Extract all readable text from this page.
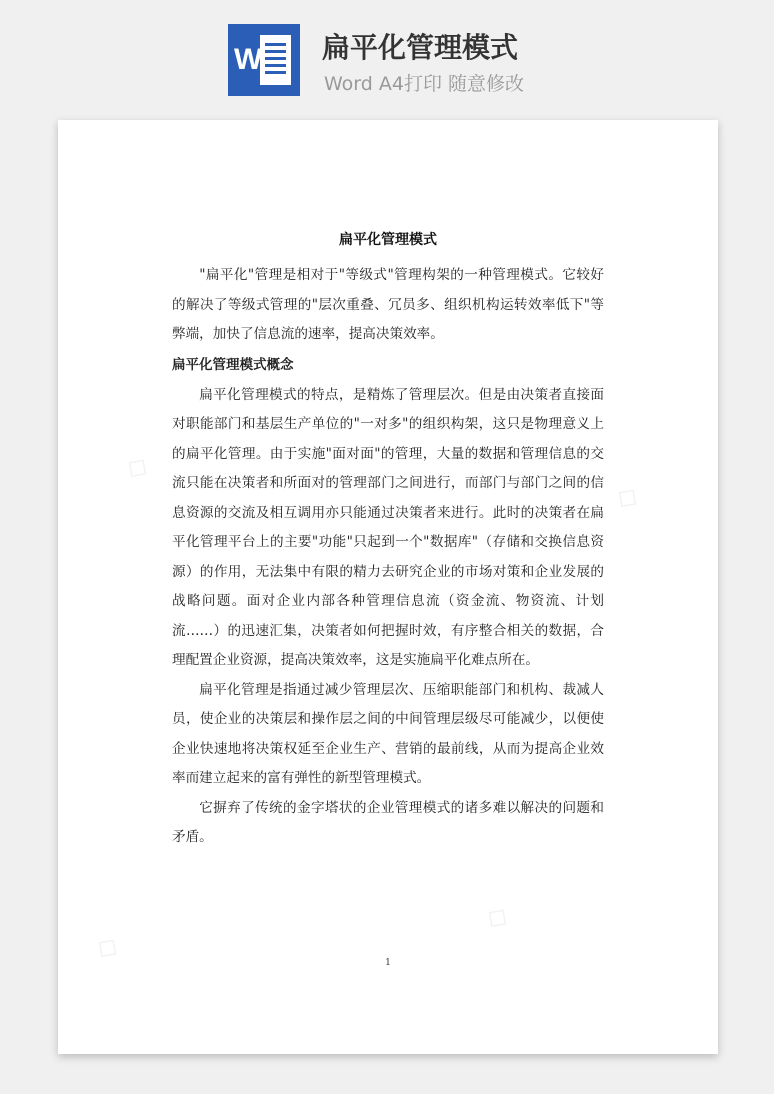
W 扁平化管理模式
Word A4打印 随意修改
◇
◇
◇
◇
扁平化管理模式

"扁平化"管理是相对于"等级式"管理构架的一种管理模式。它较好的解决了等级式管理的"层次重叠、冗员多、组织机构运转效率低下"等弊端，加快了信息流的速率，提高决策效率。

扁平化管理模式概念

扁平化管理模式的特点，是精炼了管理层次。但是由决策者直接面对职能部门和基层生产单位的"一对多"的组织构架，这只是物理意义上的扁平化管理。由于实施"面对面"的管理，大量的数据和管理信息的交流只能在决策者和所面对的管理部门之间进行，而部门与部门之间的信息资源的交流及相互调用亦只能通过决策者来进行。此时的决策者在扁平化管理平台上的主要"功能"只起到一个"数据库"（存储和交换信息资源）的作用，无法集中有限的精力去研究企业的市场对策和企业发展的战略问题。面对企业内部各种管理信息流（资金流、物资流、计划流……）的迅速汇集，决策者如何把握时效，有序整合相关的数据，合理配置企业资源，提高决策效率，这是实施扁平化难点所在。

扁平化管理是指通过减少管理层次、压缩职能部门和机构、裁减人员，使企业的决策层和操作层之间的中间管理层级尽可能减少，以便使企业快速地将决策权延至企业生产、营销的最前线，从而为提高企业效率而建立起来的富有弹性的新型管理模式。

它摒弃了传统的金字塔状的企业管理模式的诸多难以解决的问题和矛盾。

1
